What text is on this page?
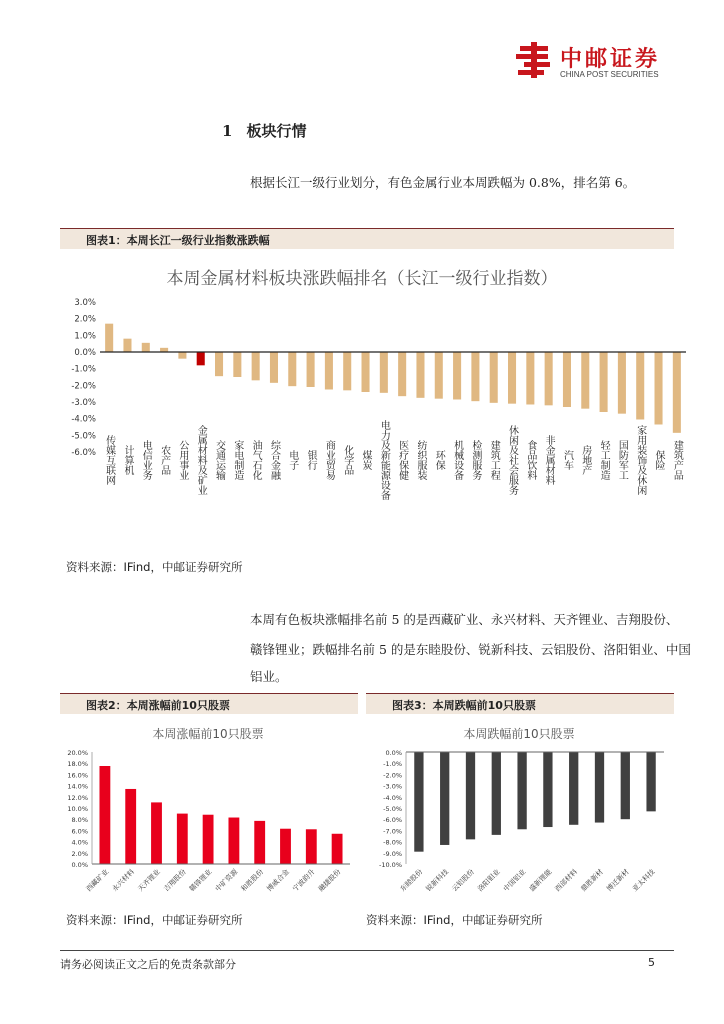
中邮证券
CHINA POST SECURITIES
1 板块行情
根据长江一级行业划分，有色金属行业本周跌幅为 0.8%，排名第 6。
图表1：本周长江一级行业指数涨跌幅
本周金属材料板块涨跌幅排名（长江一级行业指数）
3.0%
2.0%
1.0%
0.0%
-1.0%
-2.0%
-3.0%
-4.0%
-5.0%
-6.0% 传媒互联网 计算机 电信业务 农产品 公用事业 金属材料及矿业 交通运输 家电制造 油气石化 综合金融 电子 银行 商业贸易 化学品 煤炭 电力及新能源设备 医疗保健 纺织服装 环保 机械设备 检测服务 建筑工程 休闲及社会服务 食品饮料 非金属材料 汽车 房地产 轻工制造 国防军工 家用装饰及休闲 保险 建筑产品
资料来源：IFind，中邮证券研究所
本周有色板块涨幅排名前 5 的是西藏矿业、永兴材料、天齐锂业、吉翔股份、
赣锋锂业；跌幅排名前 5 的是东睦股份、锐新科技、云铝股份、洛阳钼业、中国
铝业。
图表2：本周涨幅前10只股票
本周涨幅前10只股票
20.0%
18.0%
16.0%
14.0%
12.0%
10.0%
8.0%
6.0%
4.0%
2.0%
0.0%
西藏矿业 永兴材料 天齐锂业 吉翔股份 赣锋锂业 中矿资源 和胜股份 博威合金 宁波韵升 融捷股份
资料来源：IFind，中邮证券研究所
图表3：本周跌幅前10只股票
本周跌幅前10只股票
0.0%
-1.0%
-2.0%
-3.0%
-4.0%
-5.0%
-6.0%
-7.0%
-8.0%
-9.0%
-10.0%
东睦股份 锐新科技 云铝股份 洛阳钼业 中国铝业 盛新锂能 西部材料 鼎胜新材 博迁新材 亚太科技
资料来源：IFind，中邮证券研究所
请务必阅读正文之后的免责条款部分	5
